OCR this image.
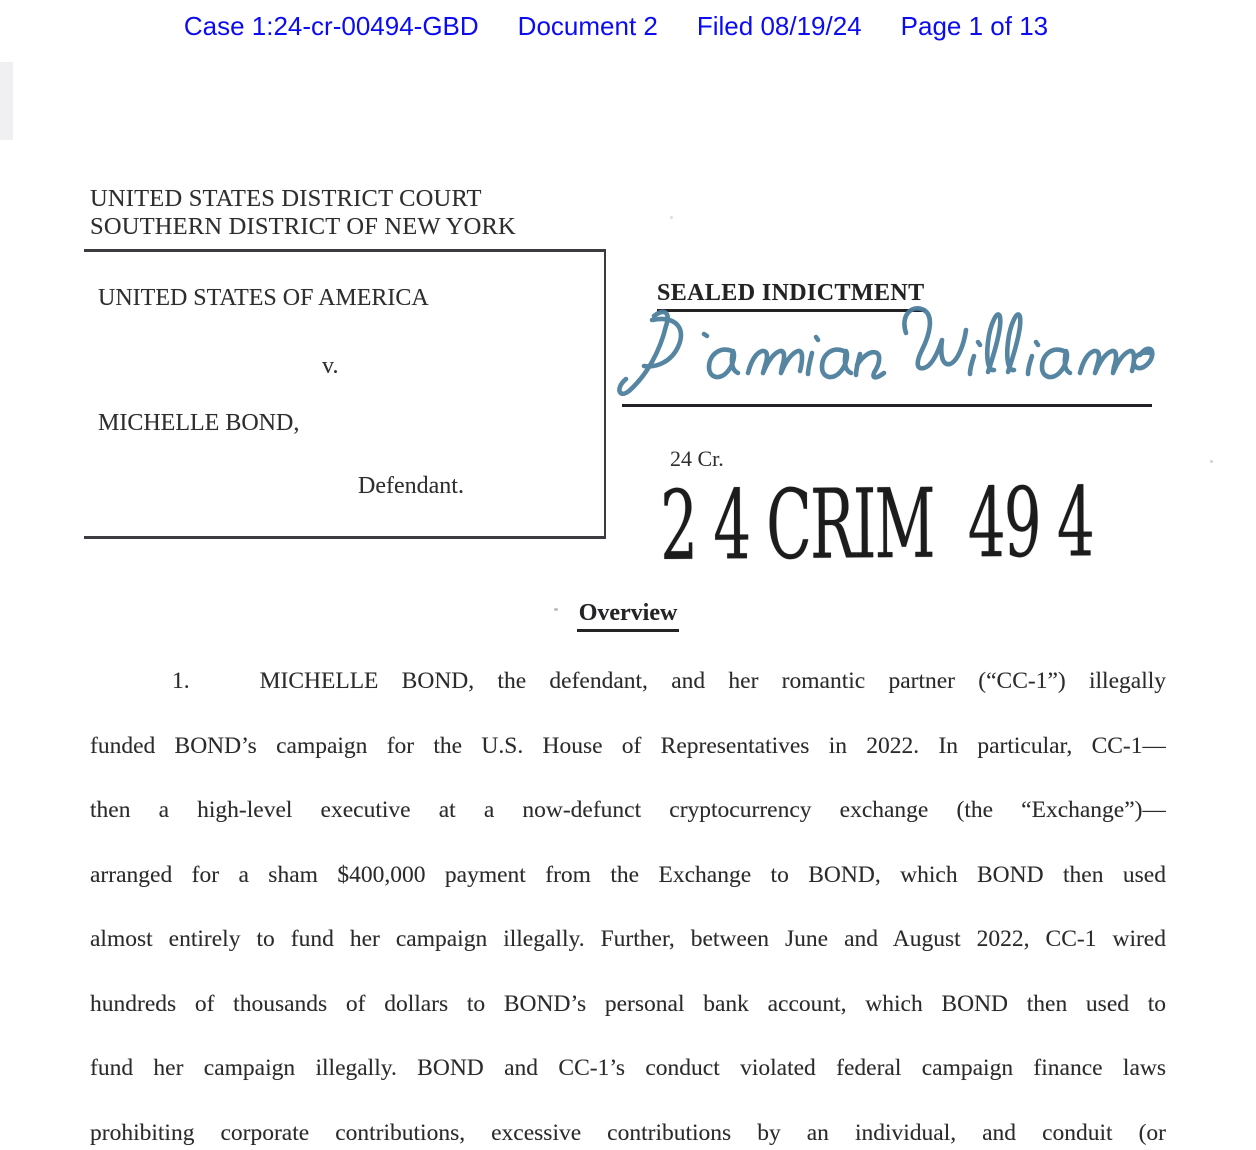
Case 1:24-cr-00494-GBD Document 2 Filed 08/19/24 Page 1 of 13
UNITED STATES DISTRICT COURT
SOUTHERN DISTRICT OF NEW YORK
UNITED STATES OF AMERICA
v.
MICHELLE BOND,
Defendant.
SEALED INDICTMENT
24 Cr.
2 4 CRIM  49 4
Overview
1.	MICHELLE BOND, the defendant, and her romantic partner (“CC-1”) illegally
funded BOND’s campaign for the U.S. House of Representatives in 2022. In particular, CC-1—
then a high-level executive at a now-defunct cryptocurrency exchange (the “Exchange”)—
arranged for a sham $400,000 payment from the Exchange to BOND, which BOND then used
almost entirely to fund her campaign illegally. Further, between June and August 2022, CC-1 wired
hundreds of thousands of dollars to BOND’s personal bank account, which BOND then used to
fund her campaign illegally. BOND and CC-1’s conduct violated federal campaign finance laws
prohibiting corporate contributions, excessive contributions by an individual, and conduit (or
